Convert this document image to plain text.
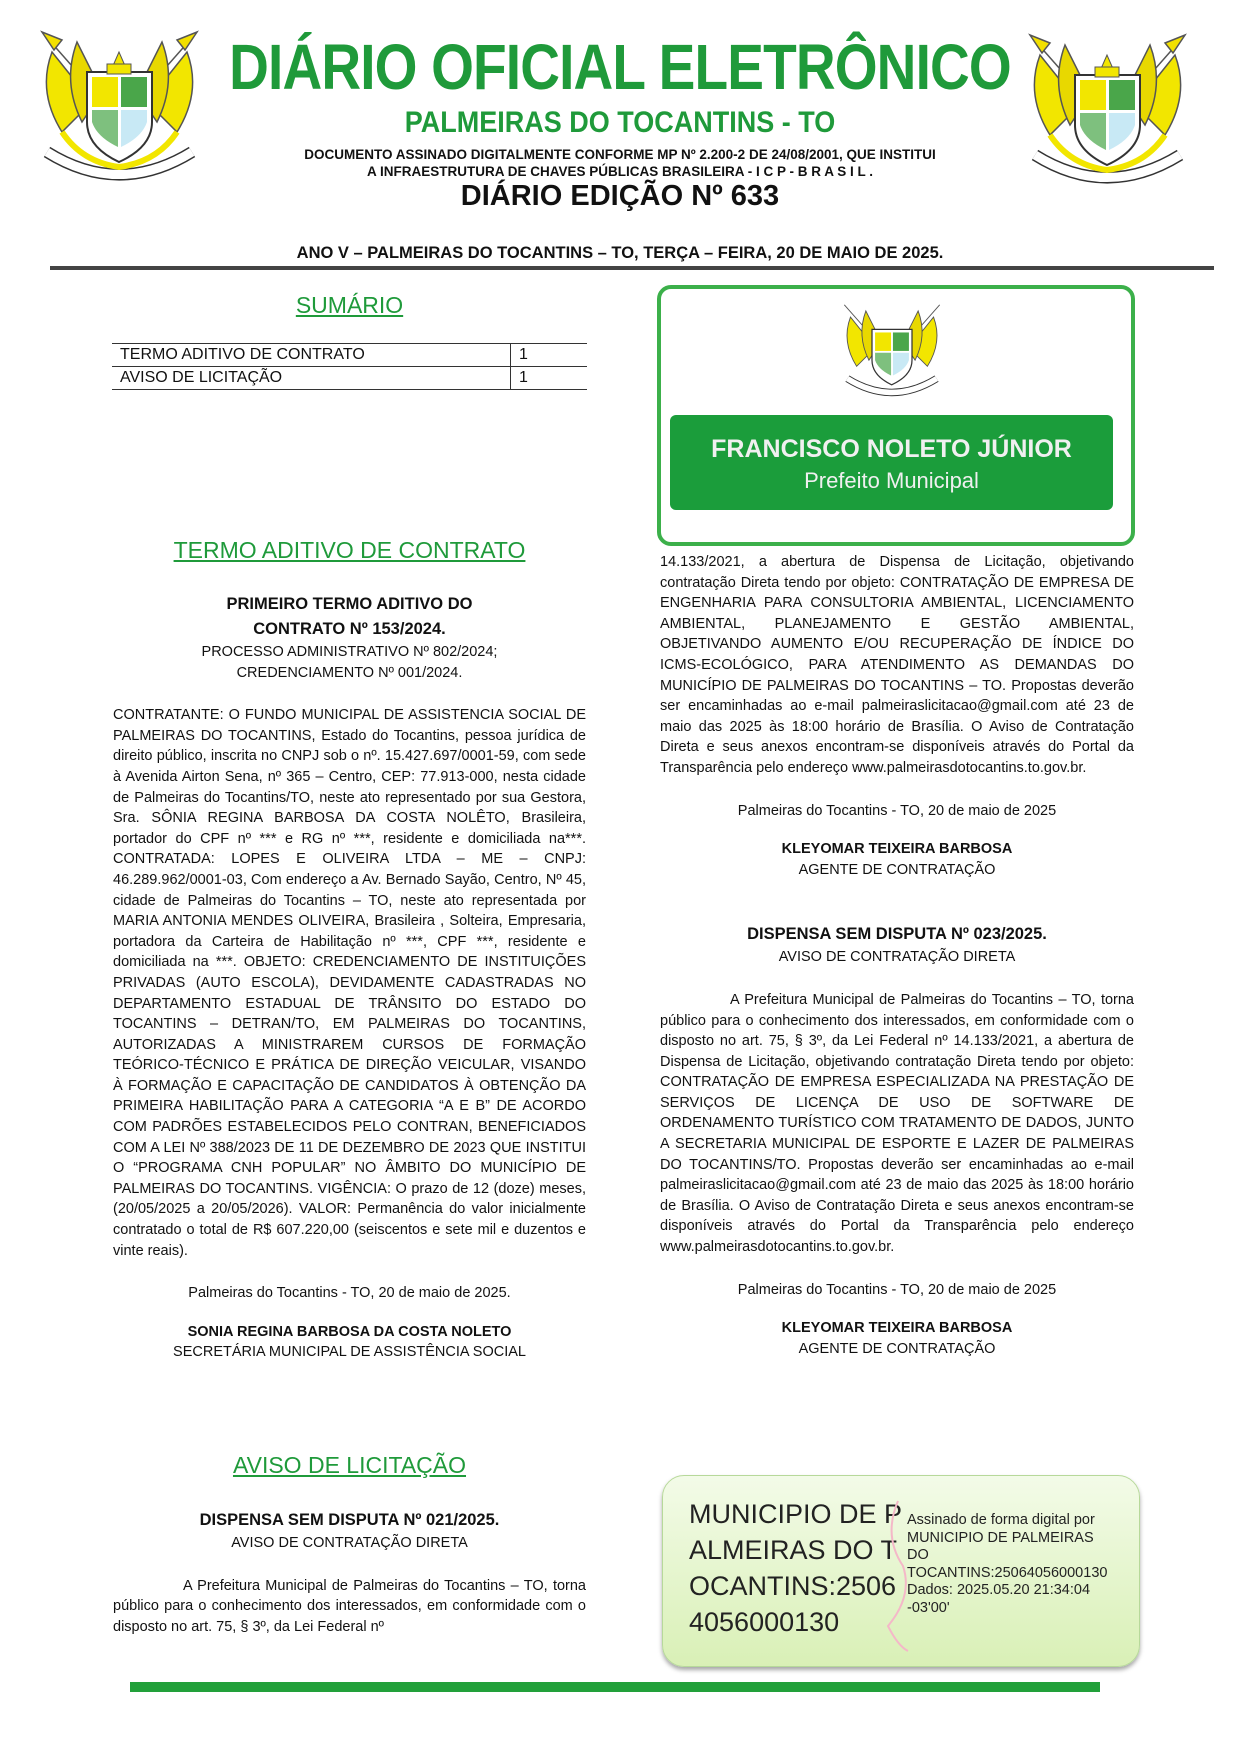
DIÁRIO OFICIAL ELETRÔNICO
PALMEIRAS DO TOCANTINS - TO
DOCUMENTO ASSINADO DIGITALMENTE CONFORME MP Nº 2.200-2 DE 24/08/2001, QUE INSTITUI
A INFRAESTRUTURA DE CHAVES PÚBLICAS BRASILEIRA - I C P - B R A S I L .
DIÁRIO EDIÇÃO Nº 633
ANO V – PALMEIRAS DO TOCANTINS – TO, TERÇA – FEIRA, 20 DE MAIO DE 2025.
SUMÁRIO
TERMO ADITIVO DE CONTRATO	1
AVISO DE LICITAÇÃO	1
FRANCISCO NOLETO JÚNIOR
Prefeito Municipal
TERMO ADITIVO DE CONTRATO
PRIMEIRO TERMO ADITIVO DO
CONTRATO Nº 153/2024.
PROCESSO ADMINISTRATIVO Nº 802/2024;
CREDENCIAMENTO Nº 001/2024.
CONTRATANTE: O FUNDO MUNICIPAL DE ASSISTENCIA SOCIAL DE PALMEIRAS DO TOCANTINS, Estado do Tocantins, pessoa jurídica de direito público, inscrita no CNPJ sob o nº. 15.427.697/0001-59, com sede à Avenida Airton Sena, nº 365 – Centro, CEP: 77.913-000, nesta cidade de Palmeiras do Tocantins/TO, neste ato representado por sua Gestora, Sra. SÔNIA REGINA BARBOSA DA COSTA NOLÊTO, Brasileira, portador do CPF nº *** e RG nº ***, residente e domiciliada na***. CONTRATADA: LOPES E OLIVEIRA LTDA – ME – CNPJ: 46.289.962/0001-03, Com endereço a Av. Bernado Sayão, Centro, Nº 45, cidade de Palmeiras do Tocantins – TO, neste ato representada por MARIA ANTONIA MENDES OLIVEIRA, Brasileira , Solteira, Empresaria, portadora da Carteira de Habilitação nº ***, CPF ***, residente e domiciliada na ***. OBJETO: CREDENCIAMENTO DE INSTITUIÇÕES PRIVADAS (AUTO ESCOLA), DEVIDAMENTE CADASTRADAS NO DEPARTAMENTO ESTADUAL DE TRÂNSITO DO ESTADO DO TOCANTINS – DETRAN/TO, EM PALMEIRAS DO TOCANTINS, AUTORIZADAS A MINISTRAREM CURSOS DE FORMAÇÃO TEÓRICO-TÉCNICO E PRÁTICA DE DIREÇÃO VEICULAR, VISANDO À FORMAÇÃO E CAPACITAÇÃO DE CANDIDATOS À OBTENÇÃO DA PRIMEIRA HABILITAÇÃO PARA A CATEGORIA “A E B” DE ACORDO COM PADRÕES ESTABELECIDOS PELO CONTRAN, BENEFICIADOS COM A LEI Nº 388/2023 DE 11 DE DEZEMBRO DE 2023 QUE INSTITUI O “PROGRAMA CNH POPULAR” NO ÂMBITO DO MUNICÍPIO DE PALMEIRAS DO TOCANTINS. VIGÊNCIA: O prazo de 12 (doze) meses, (20/05/2025 a 20/05/2026). VALOR: Permanência do valor inicialmente contratado o total de R$ 607.220,00 (seiscentos e sete mil e duzentos e vinte reais).
Palmeiras do Tocantins - TO, 20 de maio de 2025.
SONIA REGINA BARBOSA DA COSTA NOLETO
SECRETÁRIA MUNICIPAL DE ASSISTÊNCIA SOCIAL
AVISO DE LICITAÇÃO
DISPENSA SEM DISPUTA Nº 021/2025.
AVISO DE CONTRATAÇÃO DIRETA
A Prefeitura Municipal de Palmeiras do Tocantins – TO, torna público para o conhecimento dos interessados, em conformidade com o disposto no art. 75, § 3º, da Lei Federal nº
14.133/2021, a abertura de Dispensa de Licitação, objetivando contratação Direta tendo por objeto: CONTRATAÇÃO DE EMPRESA DE ENGENHARIA PARA CONSULTORIA AMBIENTAL, LICENCIAMENTO AMBIENTAL, PLANEJAMENTO E GESTÃO AMBIENTAL, OBJETIVANDO AUMENTO E/OU RECUPERAÇÃO DE ÍNDICE DO ICMS-ECOLÓGICO, PARA ATENDIMENTO AS DEMANDAS DO MUNICÍPIO DE PALMEIRAS DO TOCANTINS – TO. Propostas deverão ser encaminhadas ao e-mail palmeiraslicitacao@gmail.com até 23 de maio das 2025 às 18:00 horário de Brasília. O Aviso de Contratação Direta e seus anexos encontram-se disponíveis através do Portal da Transparência pelo endereço www.palmeirasdotocantins.to.gov.br.
Palmeiras do Tocantins - TO, 20 de maio de 2025
KLEYOMAR TEIXEIRA BARBOSA
AGENTE DE CONTRATAÇÃO
DISPENSA SEM DISPUTA Nº 023/2025.
AVISO DE CONTRATAÇÃO DIRETA
A Prefeitura Municipal de Palmeiras do Tocantins – TO, torna público para o conhecimento dos interessados, em conformidade com o disposto no art. 75, § 3º, da Lei Federal nº 14.133/2021, a abertura de Dispensa de Licitação, objetivando contratação Direta tendo por objeto: CONTRATAÇÃO DE EMPRESA ESPECIALIZADA NA PRESTAÇÃO DE SERVIÇOS DE LICENÇA DE USO DE SOFTWARE DE ORDENAMENTO TURÍSTICO COM TRATAMENTO DE DADOS, JUNTO A SECRETARIA MUNICIPAL DE ESPORTE E LAZER DE PALMEIRAS DO TOCANTINS/TO. Propostas deverão ser encaminhadas ao e-mail palmeiraslicitacao@gmail.com até 23 de maio das 2025 às 18:00 horário de Brasília. O Aviso de Contratação Direta e seus anexos encontram-se disponíveis através do Portal da Transparência pelo endereço www.palmeirasdotocantins.to.gov.br.
Palmeiras do Tocantins - TO, 20 de maio de 2025
KLEYOMAR TEIXEIRA BARBOSA
AGENTE DE CONTRATAÇÃO
MUNICIPIO DE PALMEIRAS DO TOCANTINS:25064056000130
Assinado de forma digital por
MUNICIPIO DE PALMEIRAS
DO
TOCANTINS:25064056000130
Dados: 2025.05.20 21:34:04
-03'00'
